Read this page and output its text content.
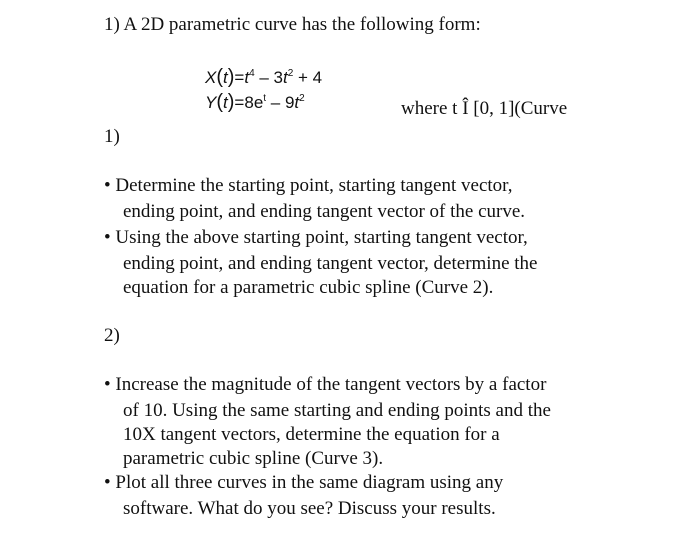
1) A 2D parametric curve has the following form:
$X(t)=t^4 - 3t^2 + 4$
$Y(t)=8e^t - 9t^2$	where t Î [0, 1](Curve
1)
• Determine the starting point, starting tangent vector,
ending point, and ending tangent vector of the curve.
• Using the above starting point, starting tangent vector,
ending point, and ending tangent vector, determine the
equation for a parametric cubic spline (Curve 2).
2)
• Increase the magnitude of the tangent vectors by a factor
of 10. Using the same starting and ending points and the
10X tangent vectors, determine the equation for a
parametric cubic spline (Curve 3).
• Plot all three curves in the same diagram using any
software. What do you see? Discuss your results.
